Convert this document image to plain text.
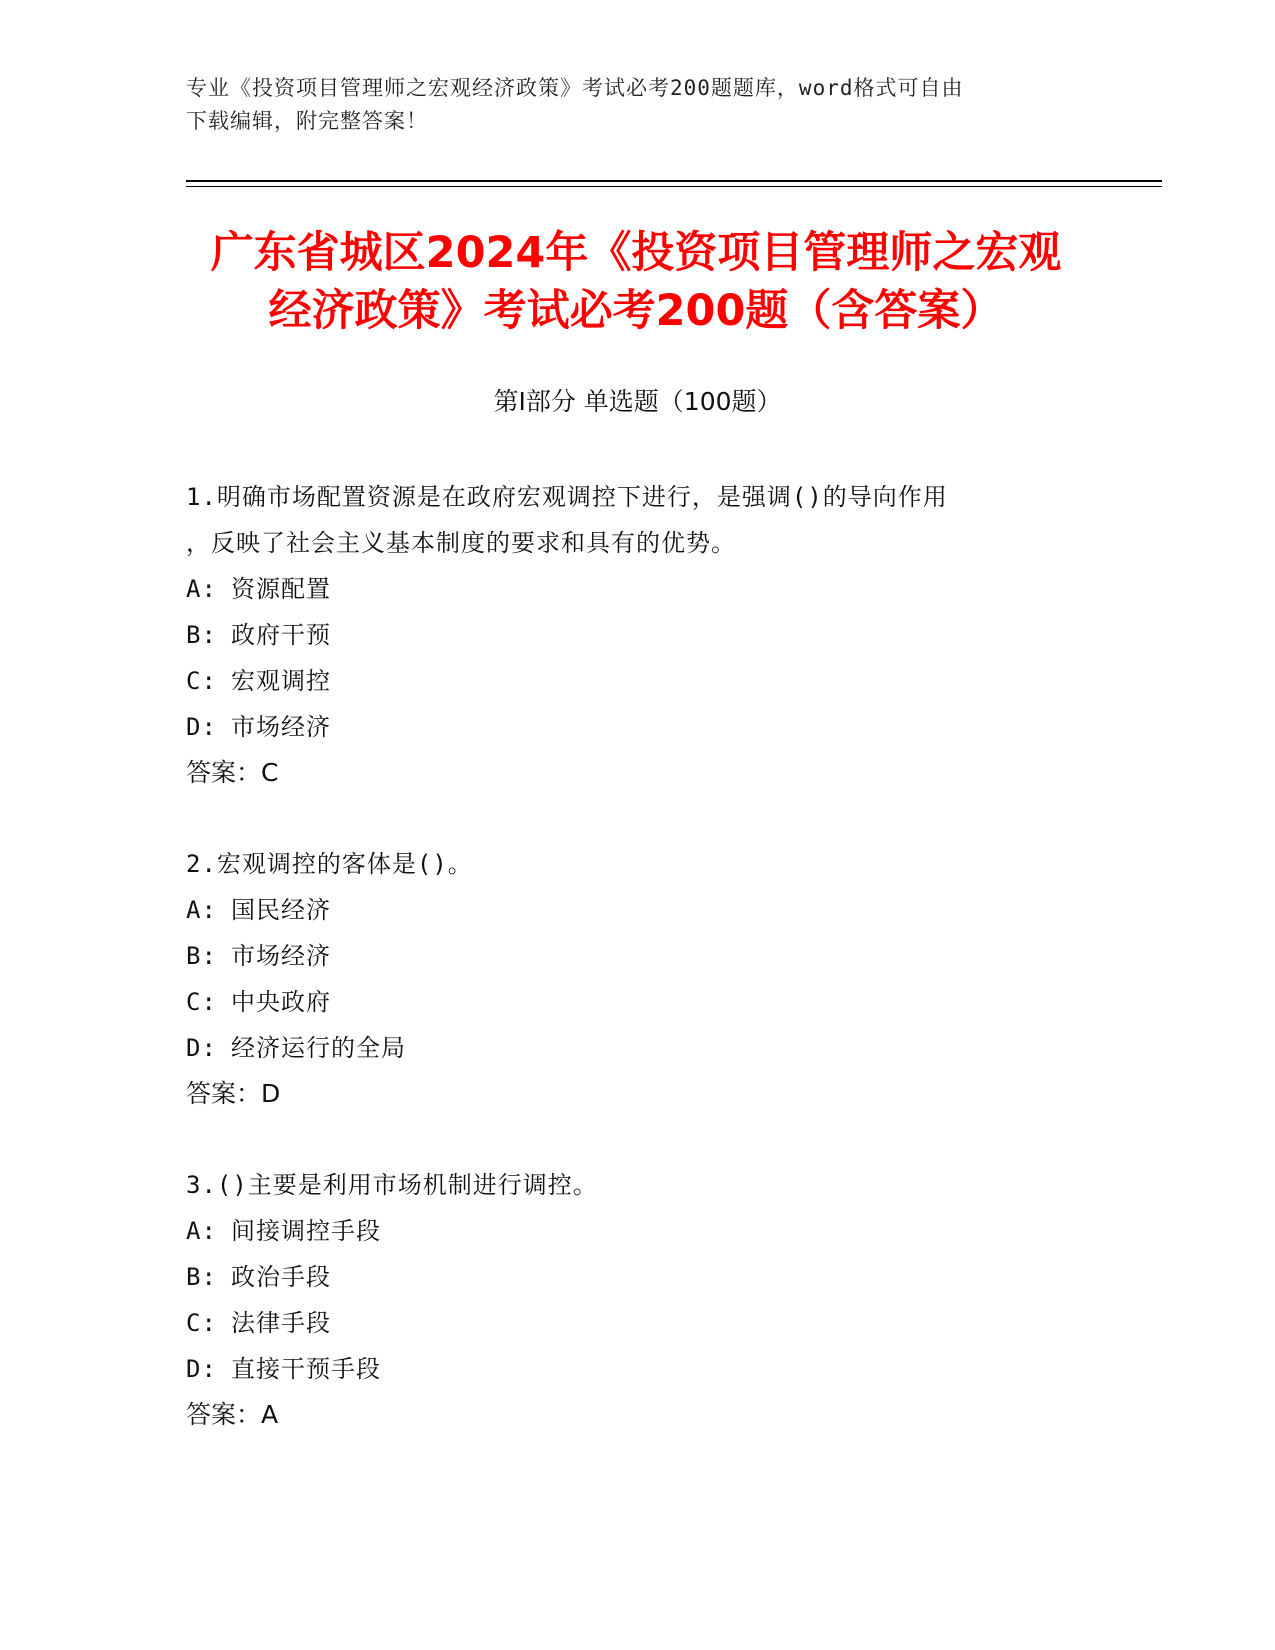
专业《投资项目管理师之宏观经济政策》考试必考200题题库，word格式可自由
下载编辑，附完整答案！
广东省城区2024年《投资项目管理师之宏观
经济政策》考试必考200题（含答案）
第Ⅰ部分 单选题（100题）
1.明确市场配置资源是在政府宏观调控下进行，是强调()的导向作用
，反映了社会主义基本制度的要求和具有的优势。
A: 资源配置
B: 政府干预
C: 宏观调控
D: 市场经济
答案：C
2.宏观调控的客体是()。
A: 国民经济
B: 市场经济
C: 中央政府
D: 经济运行的全局
答案：D
3.()主要是利用市场机制进行调控。
A: 间接调控手段
B: 政治手段
C: 法律手段
D: 直接干预手段
答案：A
